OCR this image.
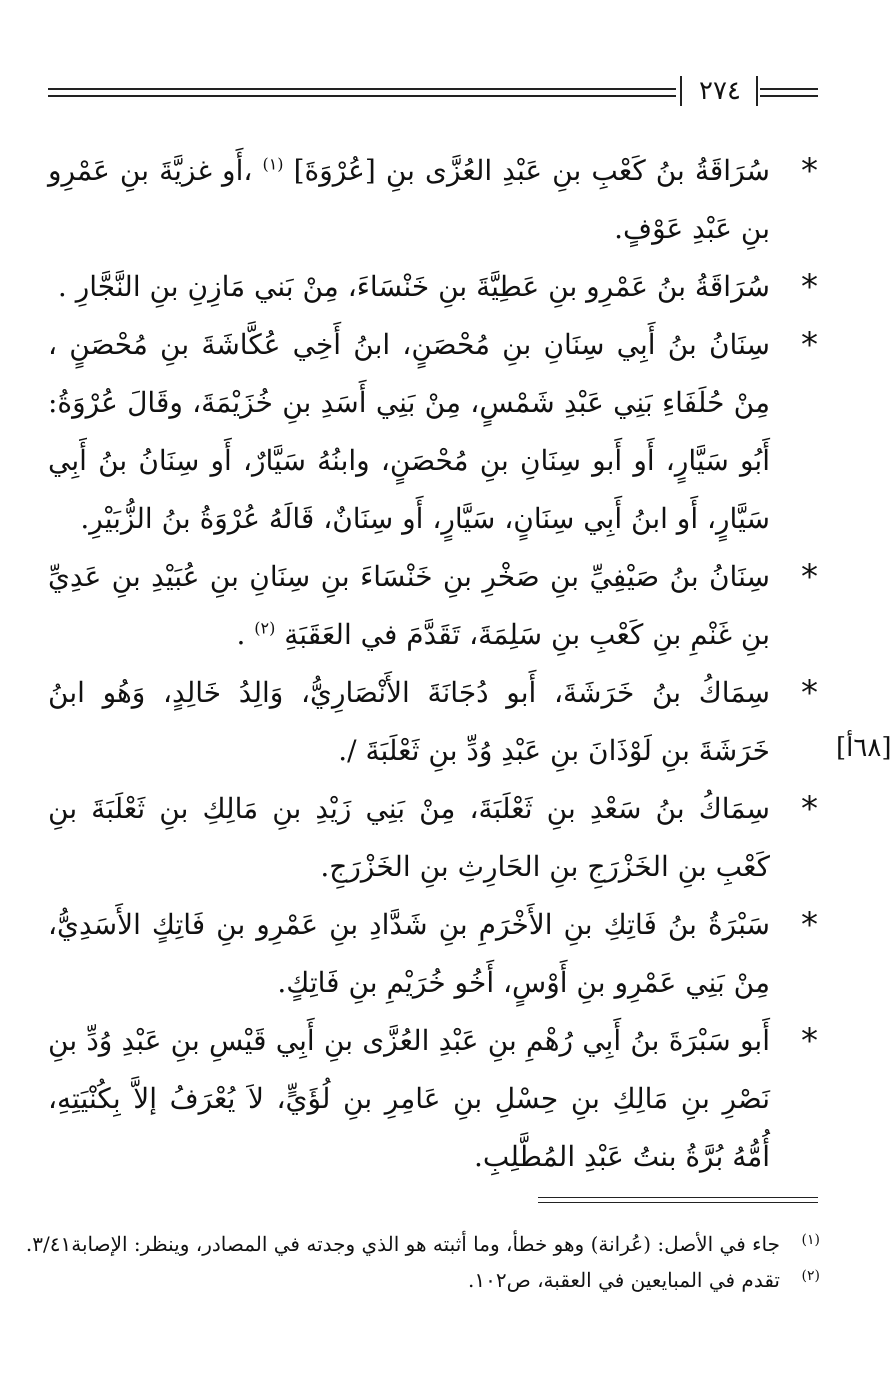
٢٧٤
*
سُرَاقَةُ بنُ كَعْبِ بنِ عَبْدِ العُزَّى بنِ [عُرْوَةَ] $^{(١)}$ ،أَو غزيَّةَ بنِ عَمْرِو بنِ عَبْدِ عَوْفٍ.
*
سُرَاقَةُ بنُ عَمْرِو بنِ عَطِيَّةَ بنِ خَنْسَاءَ، مِنْ بَني مَازِنِ بنِ النَّجَّارِ .
*
سِنَانُ بنُ أَبِي سِنَانِ بنِ مُحْصَنٍ، ابنُ أَخِي عُكَّاشَةَ بنِ مُحْصَنٍ ، مِنْ حُلَفَاءِ بَنِي عَبْدِ شَمْسٍ، مِنْ بَنِي أَسَدِ بنِ خُزَيْمَةَ، وقَالَ عُرْوَةُ: أَبُو سَيَّارٍ، أَو أَبو سِنَانِ بنِ مُحْصَنٍ، وابنُهُ سَيَّارٌ، أَو سِنَانُ بنُ أَبِي سَيَّارٍ، أَو ابنُ أَبِي سِنَانٍ، سَيَّارٍ، أَو سِنَانٌ، قَالَهُ عُرْوَةُ بنُ الزُّبَيْرِ.
*
سِنَانُ بنُ صَيْفِيِّ بنِ صَخْرِ بنِ خَنْسَاءَ بنِ سِنَانِ بنِ عُبَيْدِ بنِ عَدِيِّ بنِ غَنْمِ بنِ كَعْبِ بنِ سَلِمَةَ، تَقَدَّمَ في العَقَبَةِ $^{(٢)}$ .
*
سِمَاكُ بنُ خَرَشَةَ، أَبو دُجَانَةَ الأَنْصَارِيُّ، وَالِدُ خَالِدٍ، وَهُو ابنُ خَرَشَةَ بنِ لَوْذَانَ بنِ عَبْدِ وُدِّ بنِ ثَعْلَبَةَ /.
*
سِمَاكُ بنُ سَعْدِ بنِ ثَعْلَبَةَ، مِنْ بَنِي زَيْدِ بنِ مَالِكِ بنِ ثَعْلَبَةَ بنِ كَعْبِ بنِ الخَزْرَجِ بنِ الحَارِثِ بنِ الخَزْرَجِ.
*
سَبْرَةُ بنُ فَاتِكِ بنِ الأَخْرَمِ بنِ شَدَّادِ بنِ عَمْرِو بنِ فَاتِكٍ الأَسَدِيُّ، مِنْ بَنِي عَمْرِو بنِ أَوْسٍ، أَخُو خُرَيْمِ بنِ فَاتِكٍ.
*
أَبو سَبْرَةَ بنُ أَبِي رُهْمِ بنِ عَبْدِ العُزَّى بنِ أَبِي قَيْسِ بنِ عَبْدِ وُدِّ بنِ نَصْرِ بنِ مَالِكِ بنِ حِسْلِ بنِ عَامِرِ بنِ لُؤَيٍّ، لاَ يُعْرَفُ إلاَّ بِكُنْيَتِهِ، أُمُّهُ بُرَّةُ بنتُ عَبْدِ المُطَّلِبِ.
[٦٨أ]
(١)
جاء في الأصل: (عُرانة) وهو خطأ، وما أثبته هو الذي وجدته في المصادر، وينظر: الإصابة٣/٤١.
(٢)
تقدم في المبايعين في العقبة، ص١٠٢.
